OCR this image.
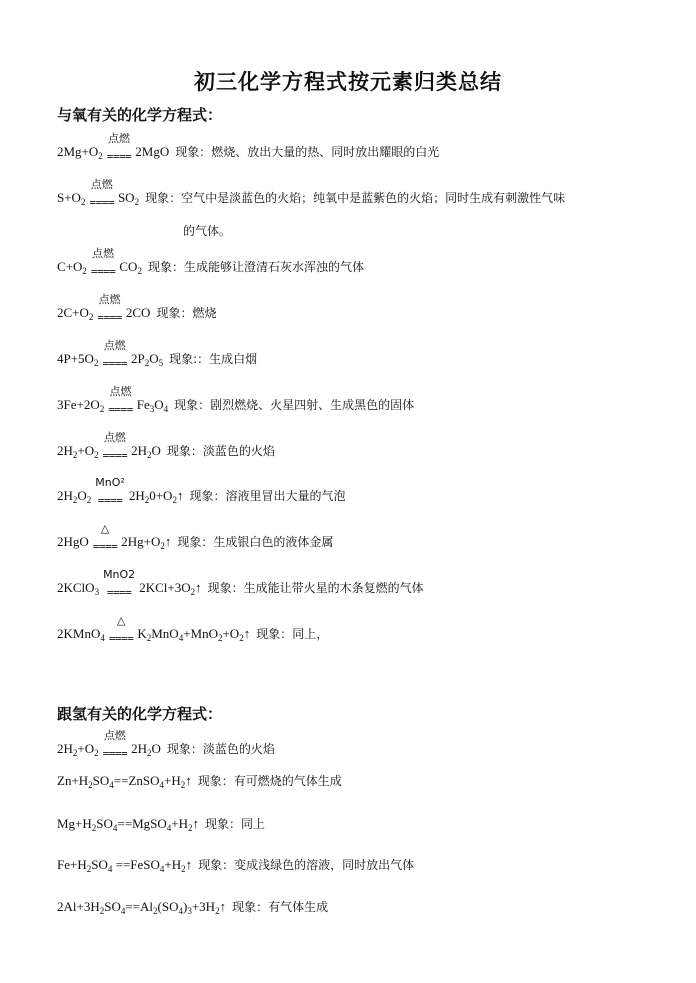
初三化学方程式按元素归类总结
与氧有关的化学方程式：
$2Mg+O_2$
点燃
==== 2MgO 现象：燃烧、放出大量的热、同时放出耀眼的白光
$S+O_2$
点燃
==== $SO_2$ 现象：空气中是淡蓝色的火焰；纯氧中是蓝紫色的火焰；同时生成有刺激性气味
的气体。
$C+O_2$
点燃
==== $CO_2$ 现象：生成能够让澄清石灰水浑浊的气体
$2C+O_2$
点燃
==== 2CO 现象：燃烧
$4P+5O_2$
点燃
==== $2P_2O_5$ 现象:：生成白烟
$3Fe+2O_2$
点燃
==== $Fe_3O_4$ 现象：剧烈燃烧、火星四射、生成黑色的固体
$2H_2+O_2$
点燃
==== $2H_2O$ 现象：淡蓝色的火焰
$2H_2O_2$
MnO²
==== $2H_20+O_2↑$ 现象：溶液里冒出大量的气泡
2HgO
△
==== $2Hg+O_2↑$ 现象：生成银白色的液体金属
2KClO$_3$
MnO2
==== $2KCl+3O_2↑$ 现象：生成能让带火星的木条复燃的气体
2KMnO$_4$
△
==== $K_2MnO_4+MnO_2+O_2↑$ 现象：同上，
跟氢有关的化学方程式：
$2H_2+O_2$
点燃
==== $2H_2O$ 现象：淡蓝色的火焰
$Zn+H_2SO_4==ZnSO_4+H_2↑$ 现象：有可燃烧的气体生成
$Mg+H_2SO_4==MgSO_4+H_2↑$ 现象：同上
$Fe+H_2SO_4$ $==FeSO_4+H_2↑$ 现象：变成浅绿色的溶液，同时放出气体
$2Al+3H_2SO_4==Al_2(SO_4)_3+3H_2↑$ 现象：有气体生成
